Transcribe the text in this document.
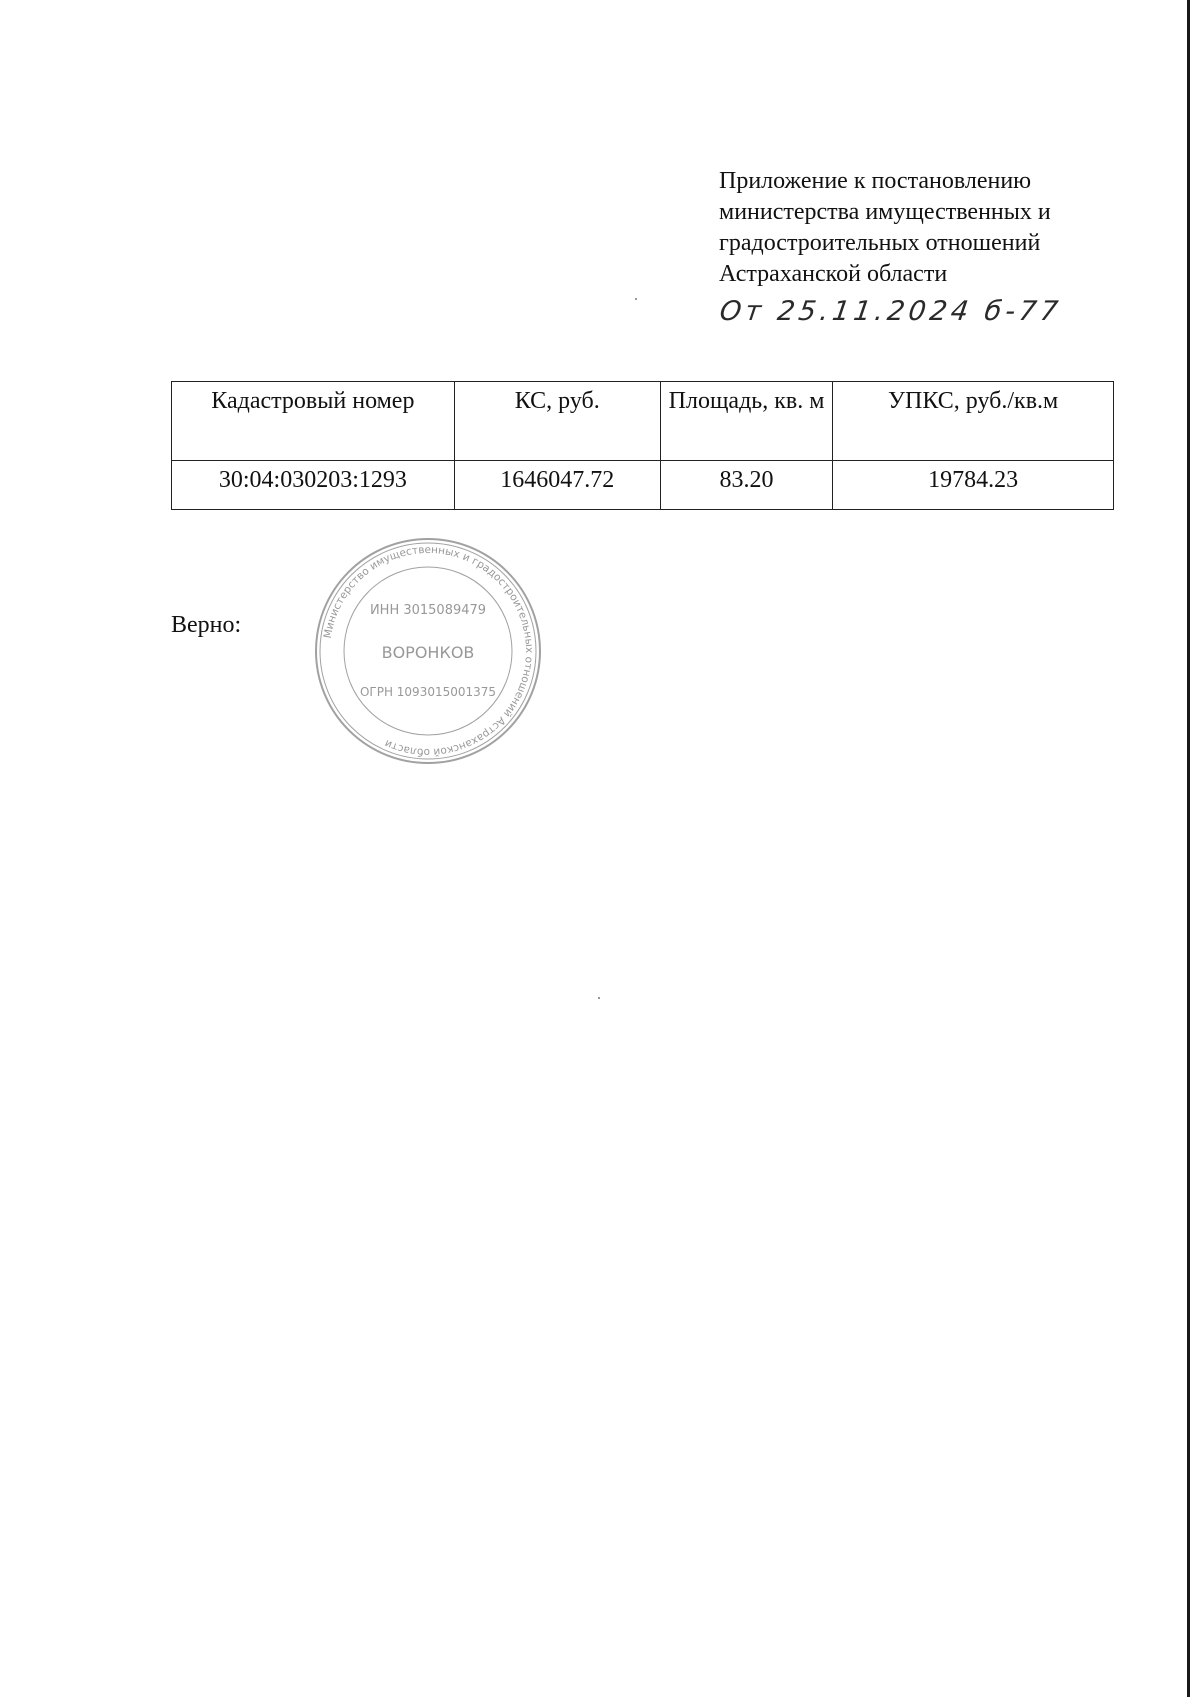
Приложение к постановлению
министерства имущественных и
градостроительных отношений
Астраханской области
От 25.11.2024 б-77
Кадастровый номер	КС, руб.	Площадь, кв. м	УПКС, руб./кв.м
30:04:030203:1293	1646047.72	83.20	19784.23
Верно:	Министерство имущественных и градостроительных отношений Астраханской области
ИНН 3015089479
ВОРОНКОВ
ОГРН 1093015001375
